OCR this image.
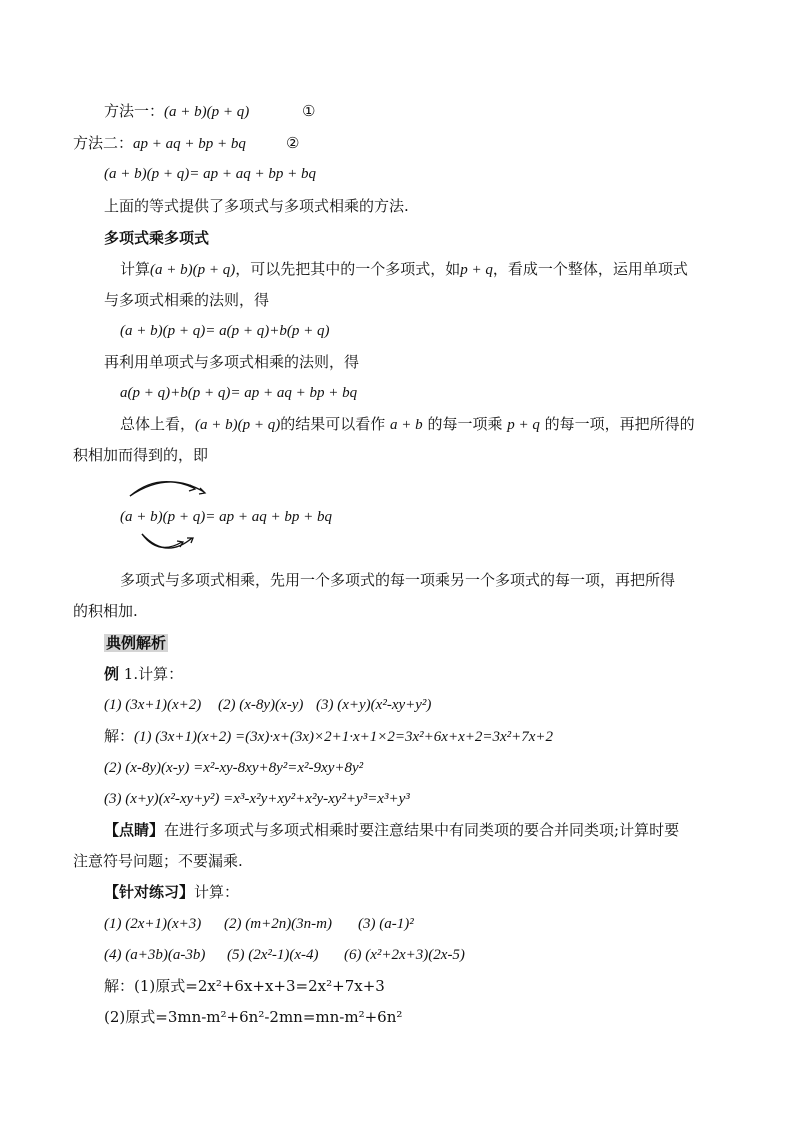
方法一：(a + b)(p + q)	①
方法二：ap + aq + bp + bq	②
(a + b)(p + q)= ap + aq + bp + bq
上面的等式提供了多项式与多项式相乘的方法.
多项式乘多项式
计算(a + b)(p + q)，可以先把其中的一个多项式，如p + q，看成一个整体，运用单项式
与多项式相乘的法则，得
(a + b)(p + q)= a(p + q)+b(p + q)
再利用单项式与多项式相乘的法则，得
a(p + q)+b(p + q)= ap + aq + bp + bq
总体上看，(a + b)(p + q)的结果可以看作 a + b 的每一项乘 p + q 的每一项，再把所得的
积相加而得到的，即
(a + b)(p + q)= ap + aq + bp + bq
多项式与多项式相乘，先用一个多项式的每一项乘另一个多项式的每一项，再把所得
的积相加.
典例解析
例 1.计算：
(1) (3x+1)(x+2) (2) (x-8y)(x-y) (3) (x+y)(x²-xy+y²)
解：(1) (3x+1)(x+2) =(3x)·x+(3x)×2+1·x+1×2=3x²+6x+x+2=3x²+7x+2
(2) (x-8y)(x-y) =x²-xy-8xy+8y²=x²-9xy+8y²
(3) (x+y)(x²-xy+y²) =x³-x²y+xy²+x²y-xy²+y³=x³+y³
【点睛】在进行多项式与多项式相乘时要注意结果中有同类项的要合并同类项;计算时要
注意符号问题；不要漏乘.
【针对练习】计算：
(1) (2x+1)(x+3) (2) (m+2n)(3n-m) (3) (a-1)²
(4) (a+3b)(a-3b) (5) (2x²-1)(x-4) (6) (x²+2x+3)(2x-5)
解：(1)原式=2x²+6x+x+3=2x²+7x+3
(2)原式=3mn-m²+6n²-2mn=mn-m²+6n²
